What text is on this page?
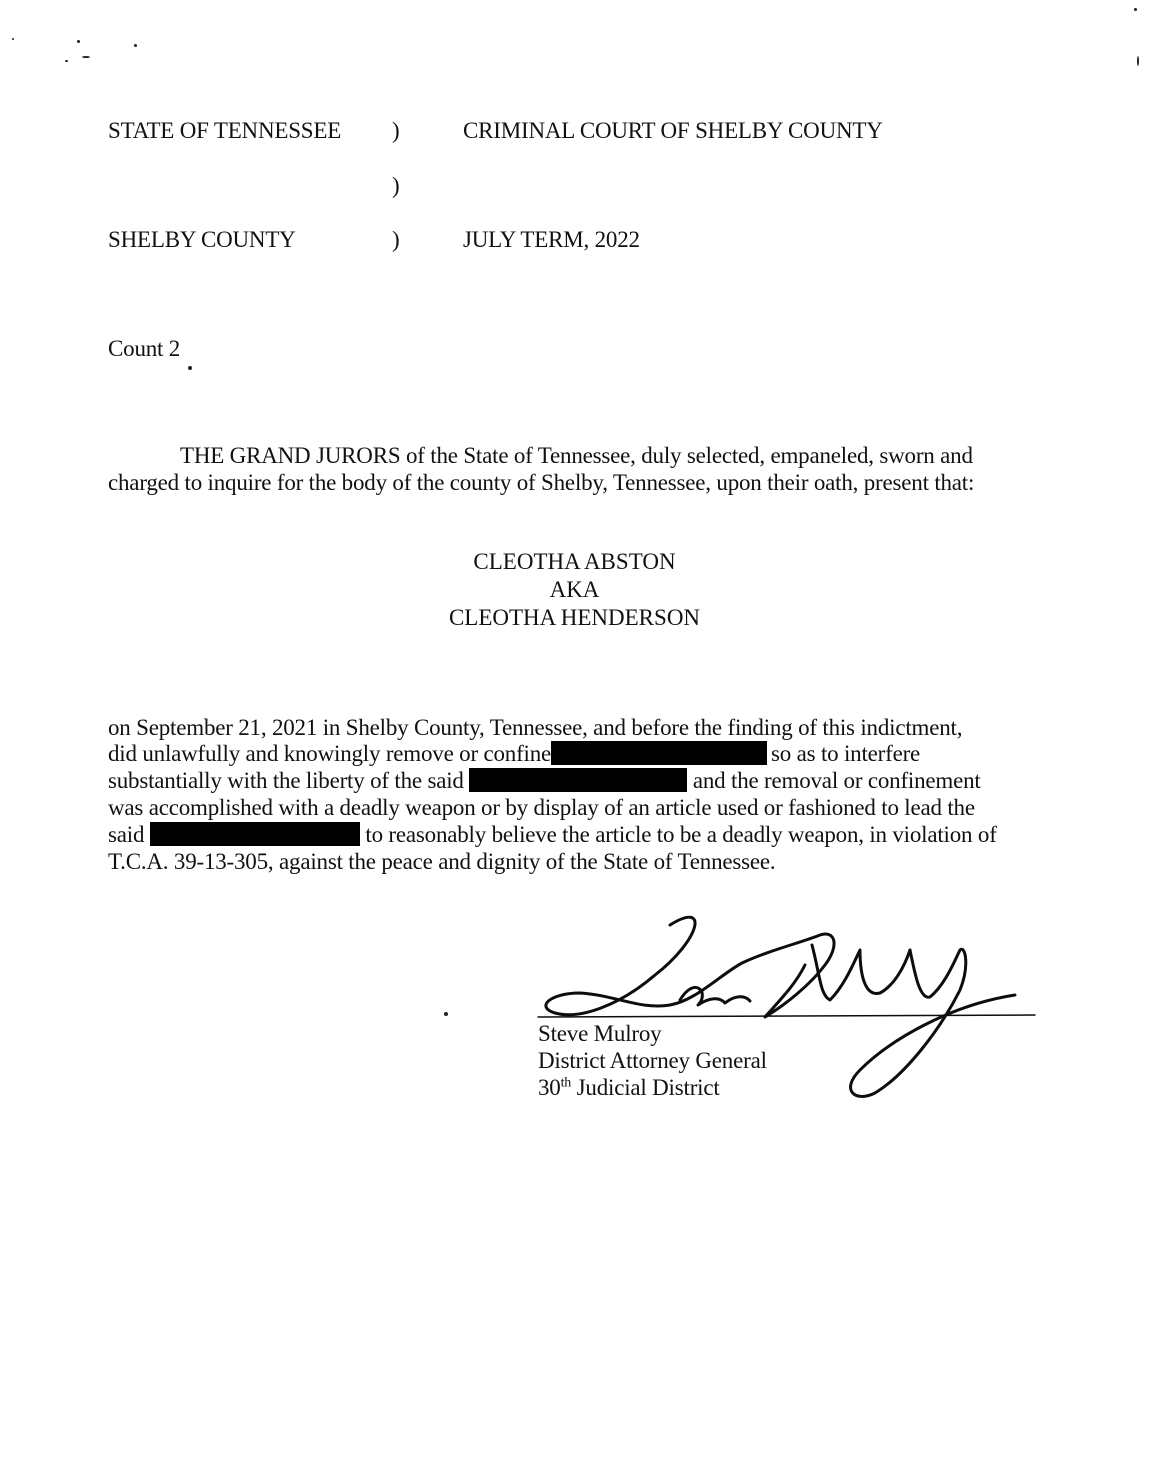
STATE OF TENNESSEE )	CRIMINAL COURT OF SHELBY COUNTY
)
SHELBY COUNTY	)	JULY TERM, 2022
Count 2
THE GRAND JURORS of the State of Tennessee, duly selected, empaneled, sworn and
charged to inquire for the body of the county of Shelby, Tennessee, upon their oath, present that:
CLEOTHA ABSTON
AKA
CLEOTHA HENDERSON
on September 21, 2021 in Shelby County, Tennessee, and before the finding of this indictment,
did unlawfully and knowingly remove or confine	so as to interfere
substantially with the liberty of the said	and the removal or confinement
was accomplished with a deadly weapon or by display of an article used or fashioned to lead the
said	to reasonably believe the article to be a deadly weapon, in violation of
T.C.A. 39-13-305, against the peace and dignity of the State of Tennessee.
Steve Mulroy
District Attorney General
30th Judicial District
